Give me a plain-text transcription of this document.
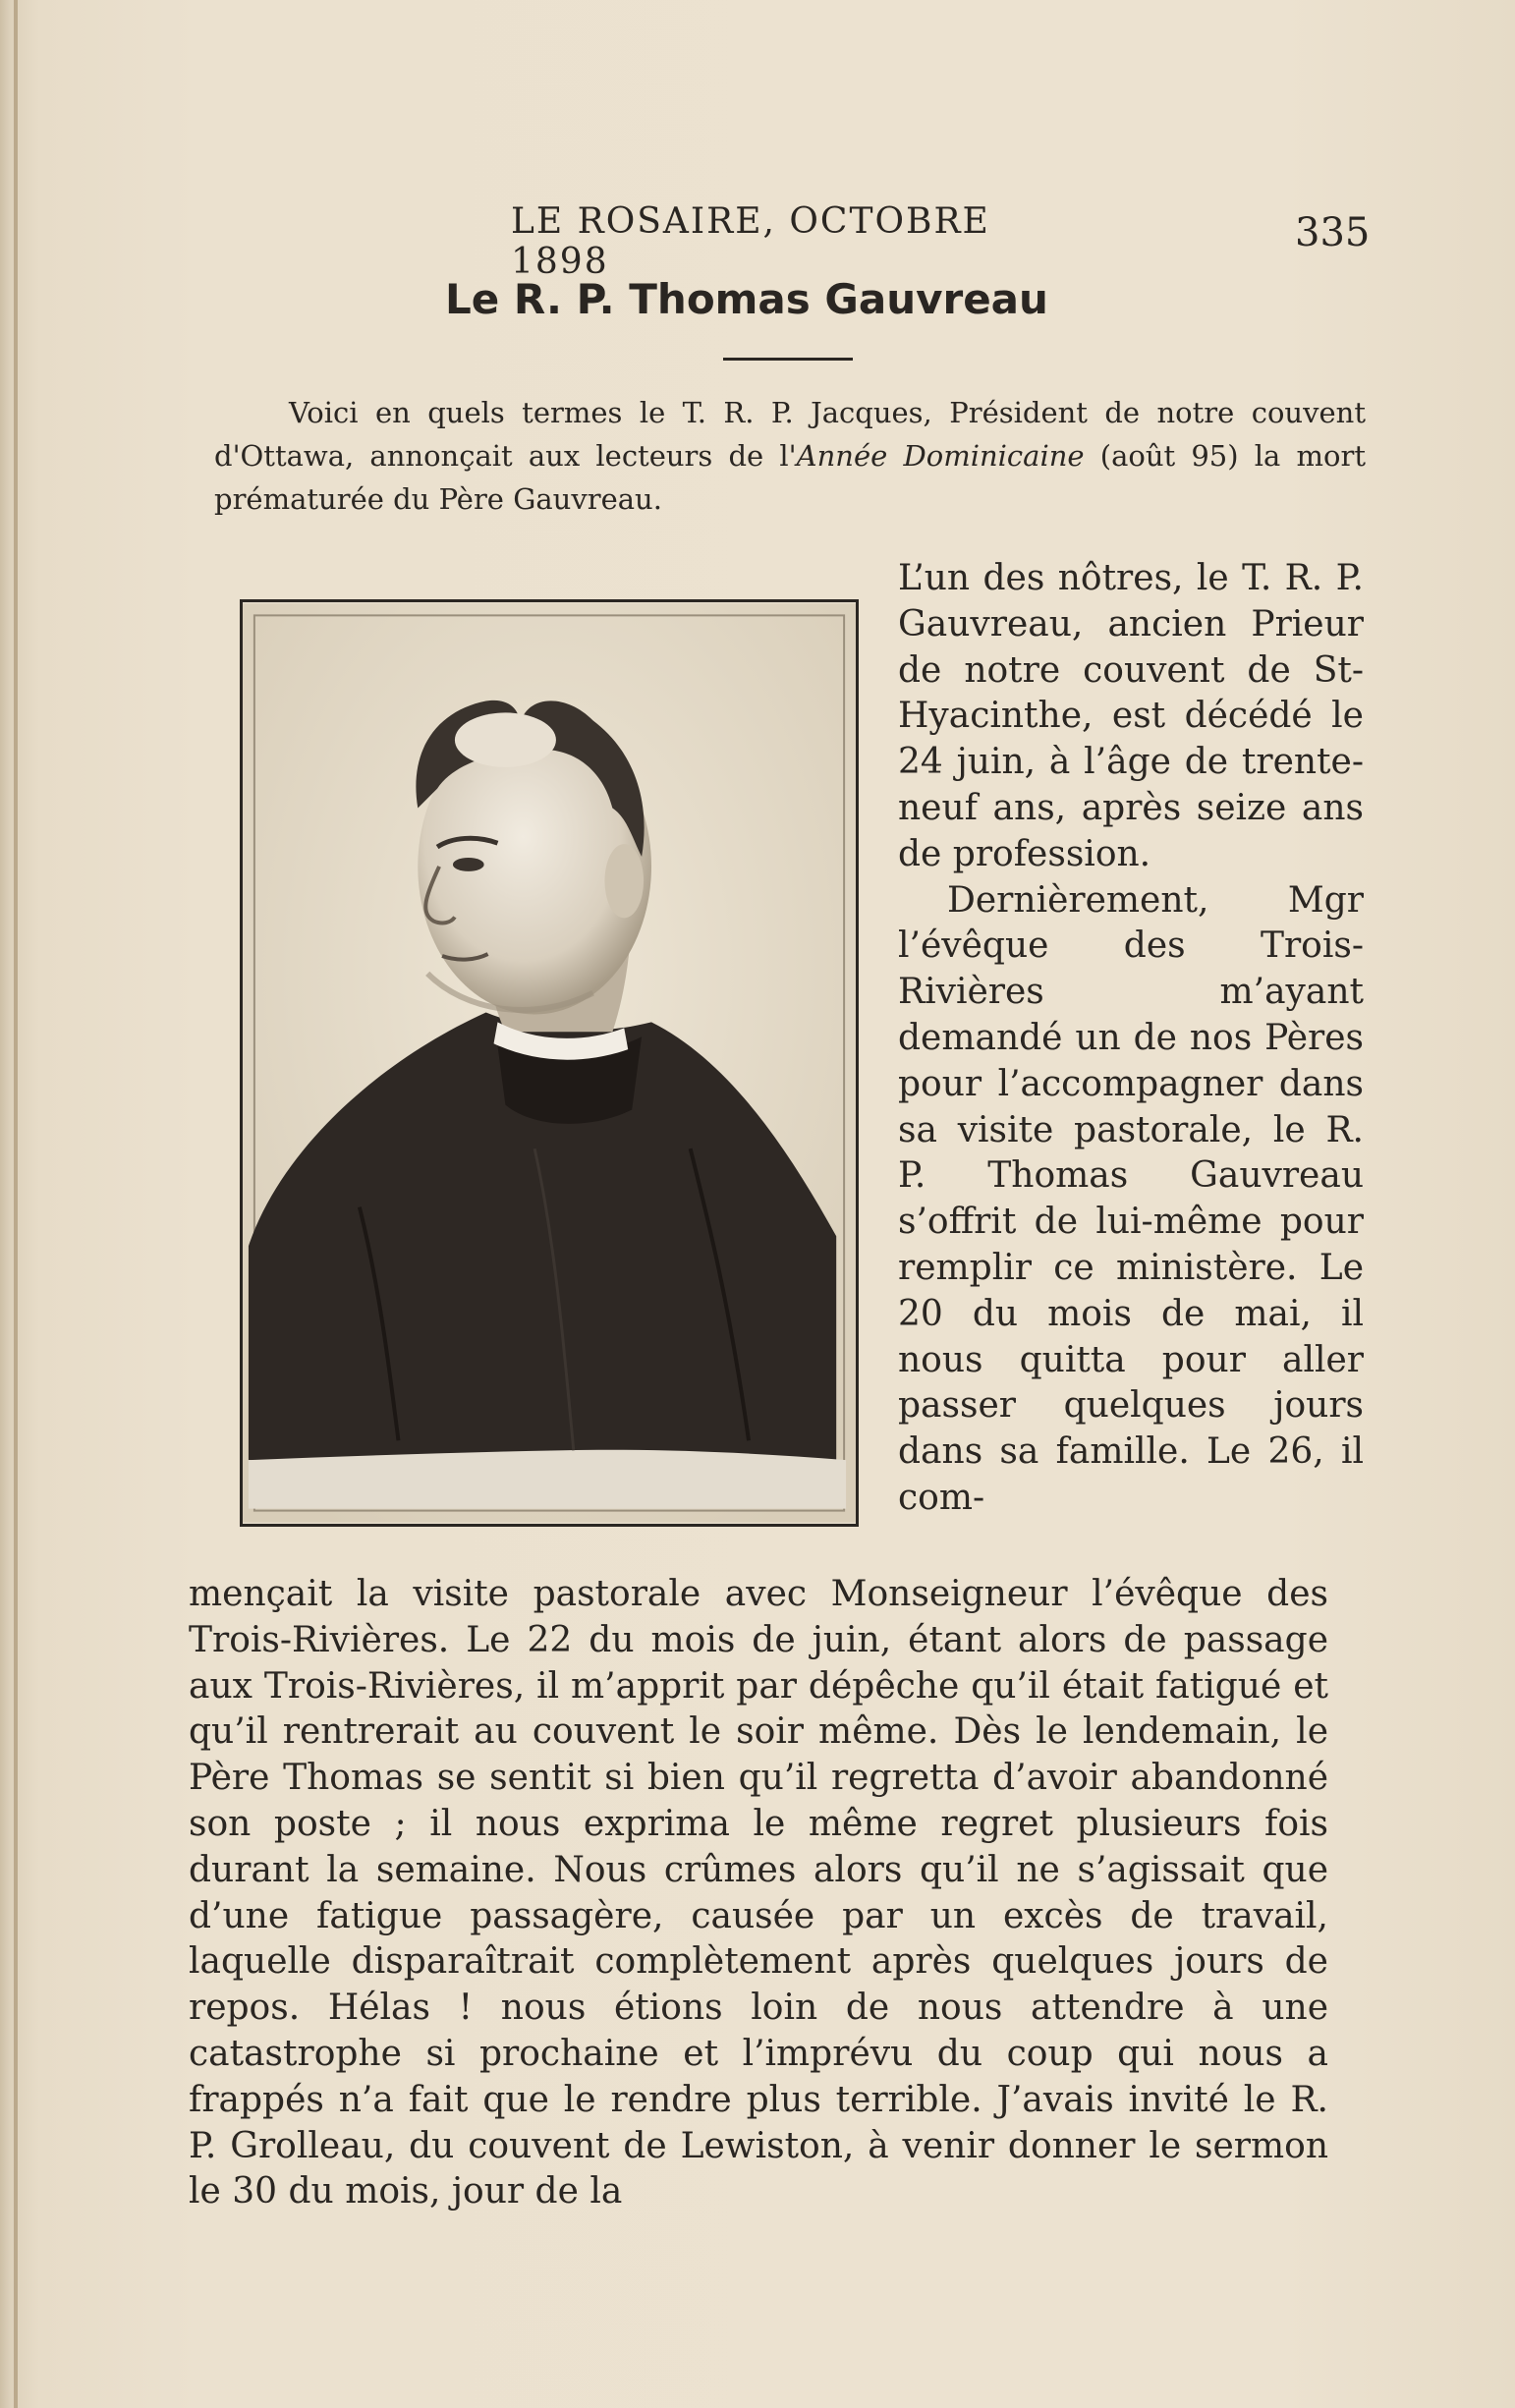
LE ROSAIRE, OCTOBRE 1898
335
Le R. P. Thomas Gauvreau
Voici en quels termes le T. R. P. Jacques, Président de notre couvent d'Ottawa, annonçait aux lecteurs de l'Année Dominicaine (août 95) la mort prématurée du Père Gauvreau.

L’un des nôtres, le T. R. P. Gauvreau, ancien Prieur de notre couvent de St-Hyacinthe, est décédé le 24 juin, à l’âge de trente-neuf ans, après seize ans de profession.

Dernièrement, Mgr l’évêque des Trois-Rivières m’ayant demandé un de nos Pères pour l’accompagner dans sa visite pastorale, le R. P. Thomas Gauvreau s’offrit de lui-même pour remplir ce ministère. Le 20 du mois de mai, il nous quitta pour aller passer quelques jours dans sa famille. Le 26, il com-

mençait la visite pastorale avec Monseigneur l’évêque des Trois-Rivières. Le 22 du mois de juin, étant alors de passage aux Trois-Rivières, il m’apprit par dépêche qu’il était fatigué et qu’il rentrerait au couvent le soir même. Dès le lendemain, le Père Thomas se sentit si bien qu’il regretta d’avoir abandonné son poste ; il nous exprima le même regret plusieurs fois durant la semaine. Nous crûmes alors qu’il ne s’agissait que d’une fatigue passagère, causée par un excès de travail, laquelle disparaîtrait complètement après quelques jours de repos. Hélas ! nous étions loin de nous attendre à une catastrophe si prochaine et l’imprévu du coup qui nous a frappés n’a fait que le rendre plus terrible. J’avais invité le R. P. Grolleau, du couvent de Lewiston, à venir donner le sermon le 30 du mois, jour de la
